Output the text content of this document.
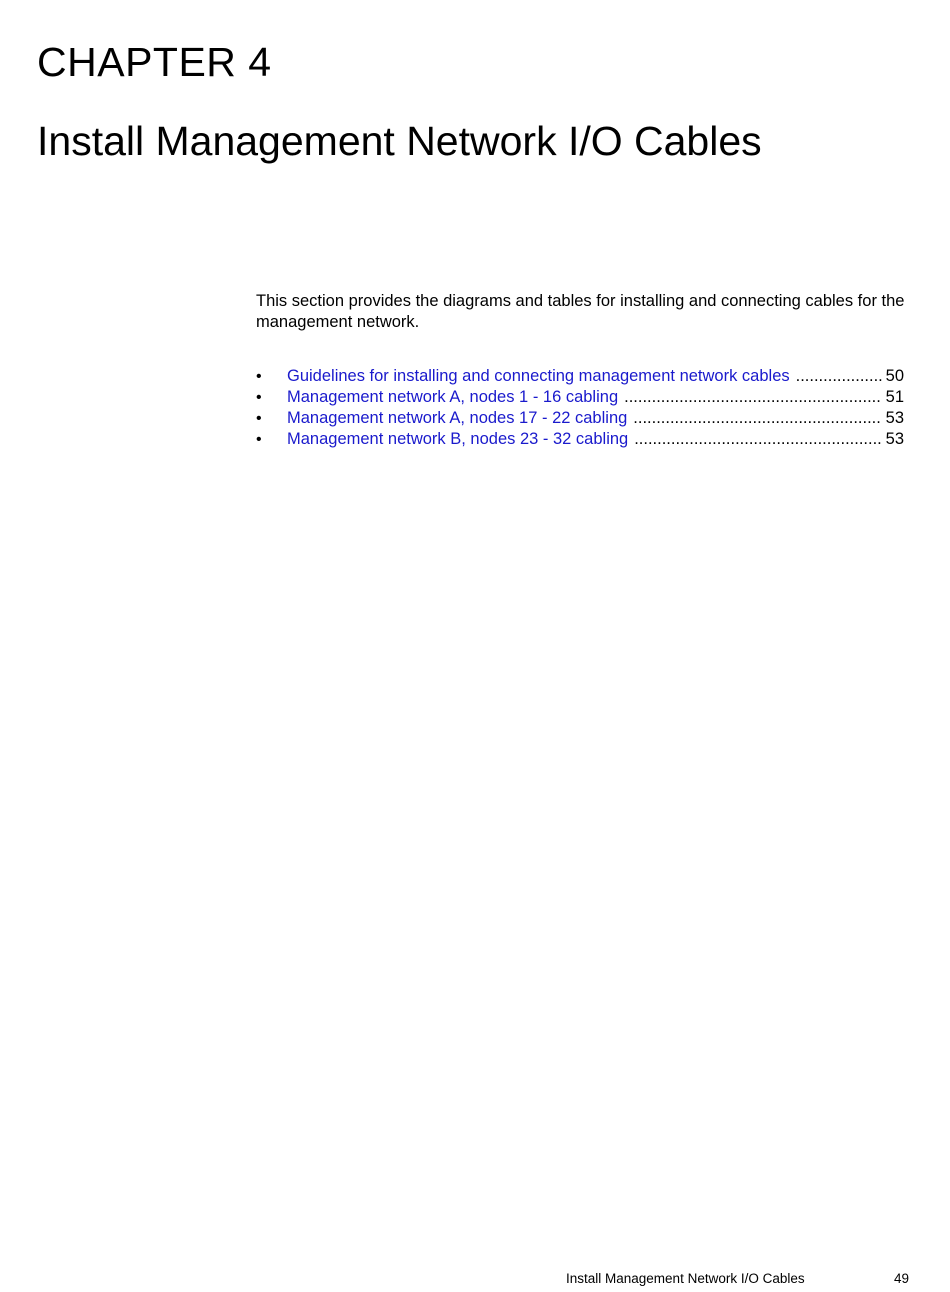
CHAPTER 4
Install Management Network I/O Cables

This section provides the diagrams and tables for installing and connecting cables for the management network.

•	Guidelines for installing and connecting management network cables .....	50
•	Management network A, nodes 1 - 16 cabling .....	51
•	Management network A, nodes 17 - 22 cabling .....	53
•	Management network B, nodes 23 - 32 cabling .....	53
Install Management Network I/O Cables	49
